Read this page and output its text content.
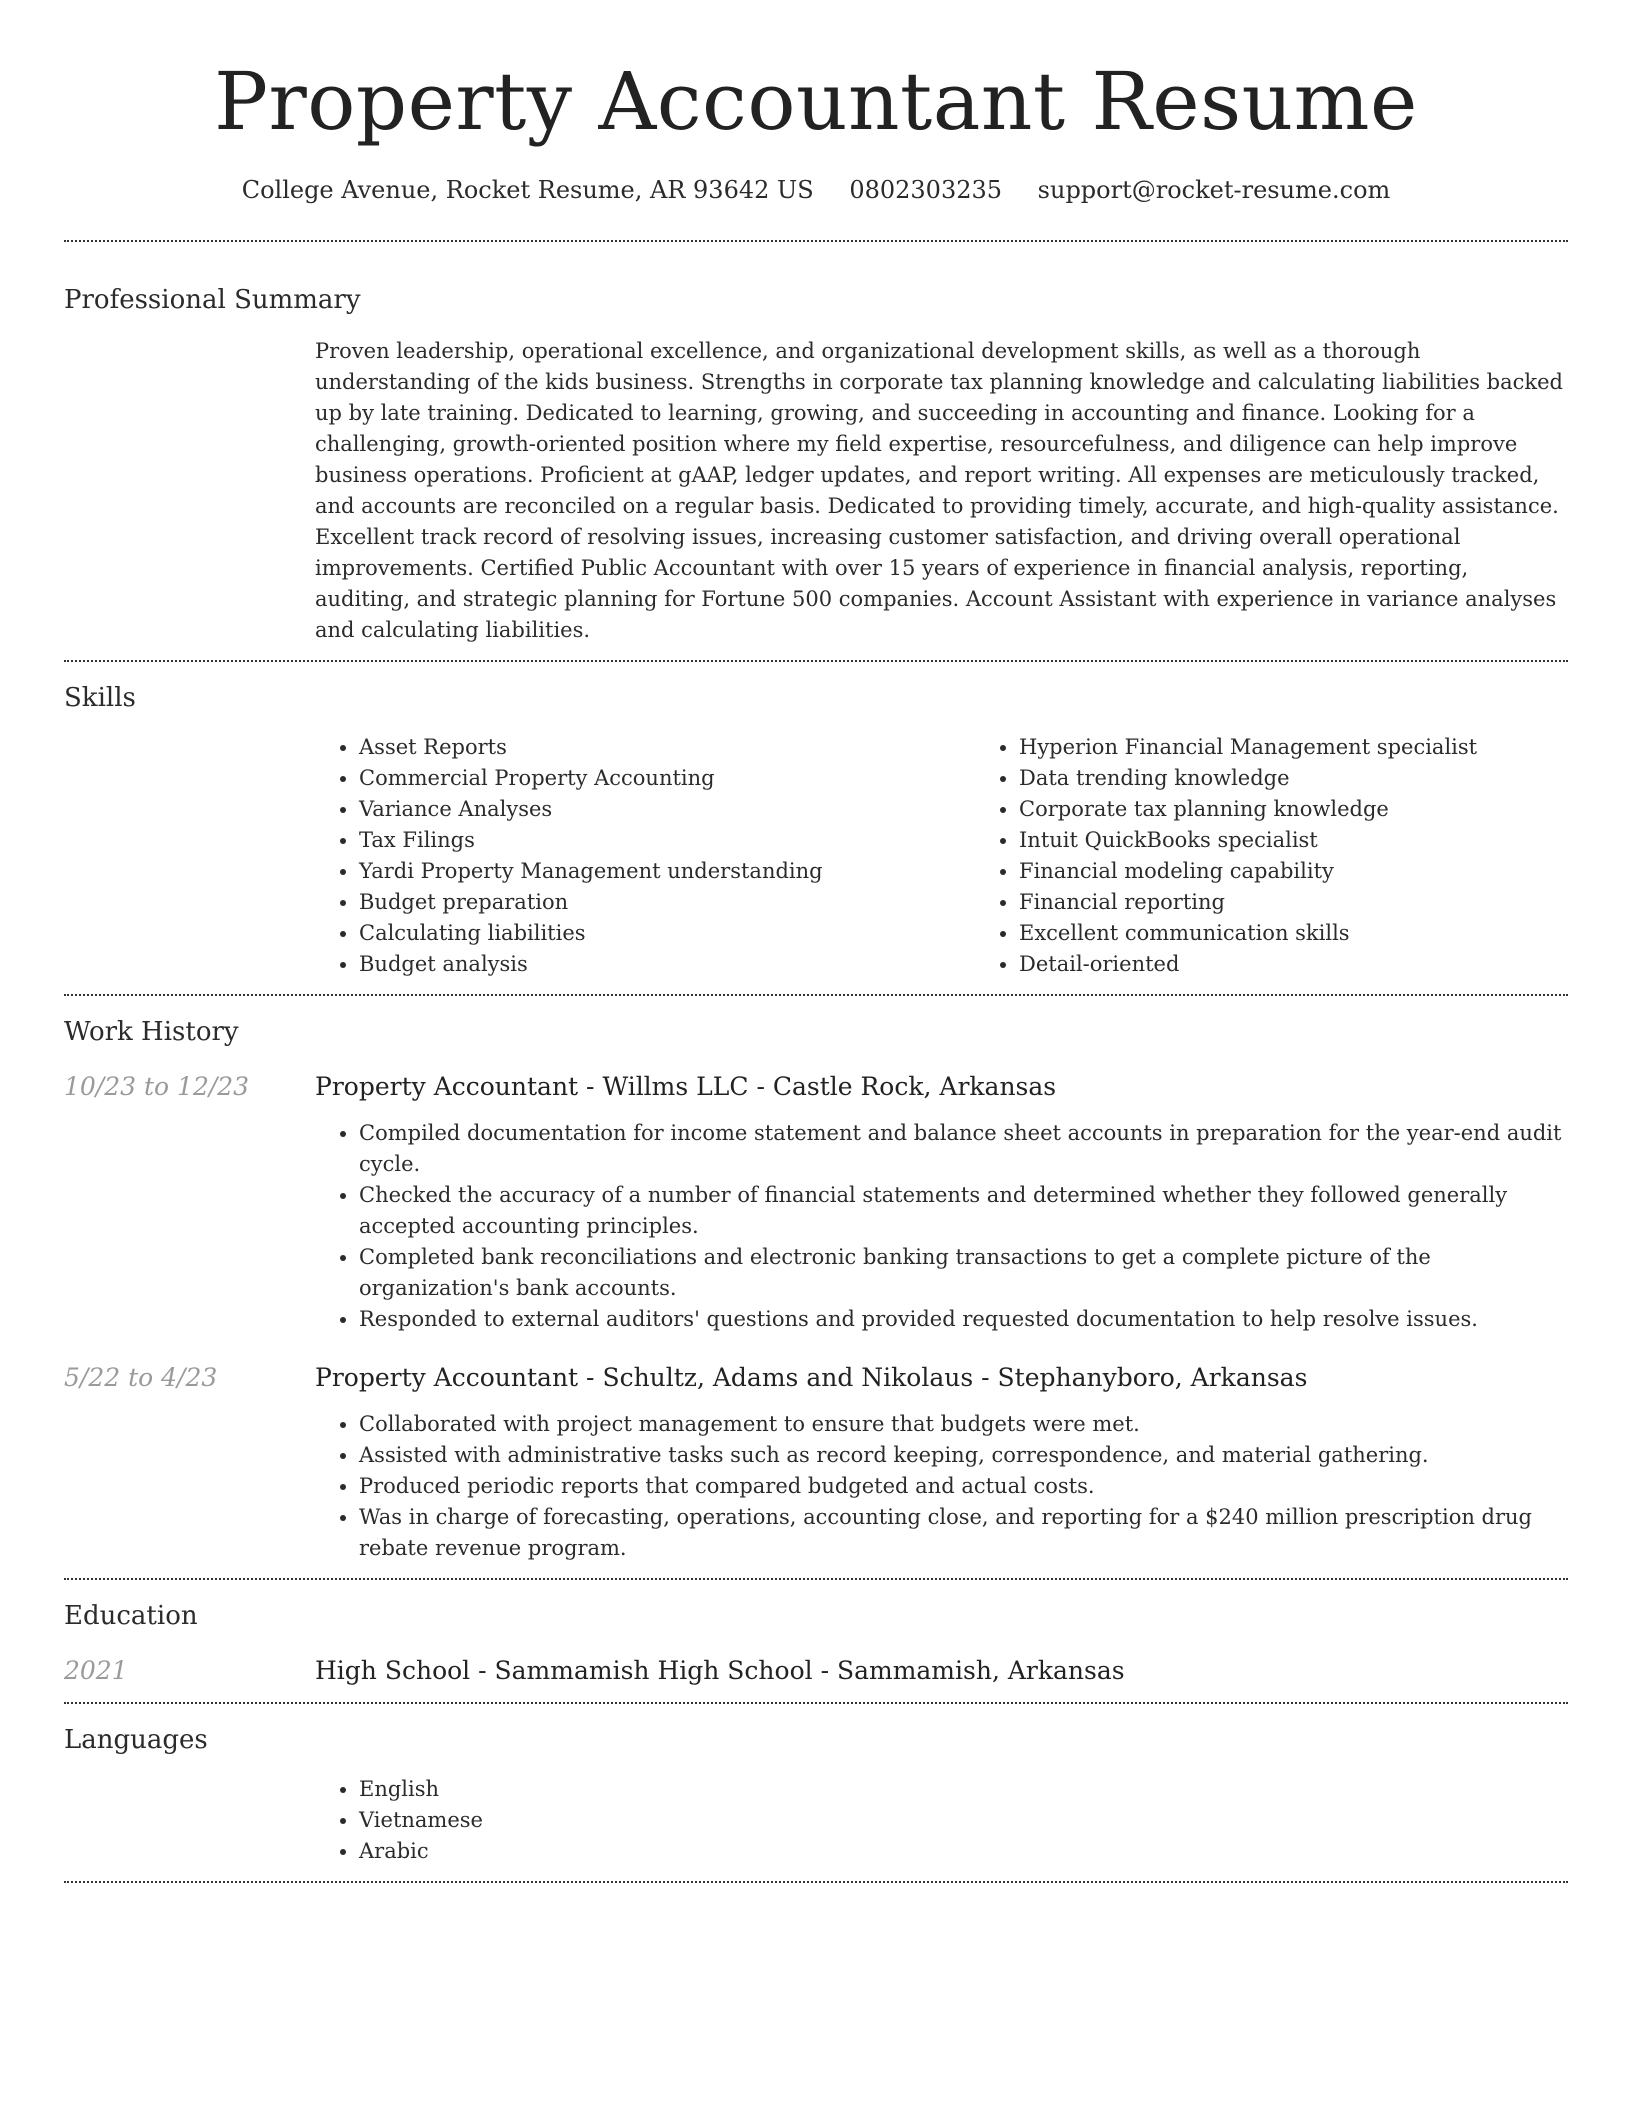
Property Accountant Resume
College Avenue, Rocket Resume, AR 93642 US 0802303235 support@rocket-resume.com
Professional Summary

Proven leadership, operational excellence, and organizational development skills, as well as a thorough understanding of the kids business. Strengths in corporate tax planning knowledge and calculating liabilities backed up by late training. Dedicated to learning, growing, and succeeding in accounting and finance. Looking for a challenging, growth-oriented position where my field expertise, resourcefulness, and diligence can help improve business operations. Proficient at gAAP, ledger updates, and report writing. All expenses are meticulously tracked, and accounts are reconciled on a regular basis. Dedicated to providing timely, accurate, and high-quality assistance. Excellent track record of resolving issues, increasing customer satisfaction, and driving overall operational improvements. Certified Public Accountant with over 15 years of experience in financial analysis, reporting, auditing, and strategic planning for Fortune 500 companies. Account Assistant with experience in variance analyses and calculating liabilities.

Skills
• Asset Reports
• Commercial Property Accounting
• Variance Analyses
• Tax Filings
• Yardi Property Management understanding
• Budget preparation
• Calculating liabilities
• Budget analysis
• Hyperion Financial Management specialist
• Data trending knowledge
• Corporate tax planning knowledge
• Intuit QuickBooks specialist
• Financial modeling capability
• Financial reporting
• Excellent communication skills
• Detail-oriented
Work History
10/23 to 12/23	Property Accountant - Willms LLC - Castle Rock, Arkansas
• Compiled documentation for income statement and balance sheet accounts in preparation for the year-end audit cycle.
• Checked the accuracy of a number of financial statements and determined whether they followed generally accepted accounting principles.
• Completed bank reconciliations and electronic banking transactions to get a complete picture of the organization's bank accounts.
• Responded to external auditors' questions and provided requested documentation to help resolve issues.
5/22 to 4/23	Property Accountant - Schultz, Adams and Nikolaus - Stephanyboro, Arkansas
• Collaborated with project management to ensure that budgets were met.
• Assisted with administrative tasks such as record keeping, correspondence, and material gathering.
• Produced periodic reports that compared budgeted and actual costs.
• Was in charge of forecasting, operations, accounting close, and reporting for a $240 million prescription drug rebate revenue program.
Education
2021	High School - Sammamish High School - Sammamish, Arkansas
Languages
• English
• Vietnamese
• Arabic
